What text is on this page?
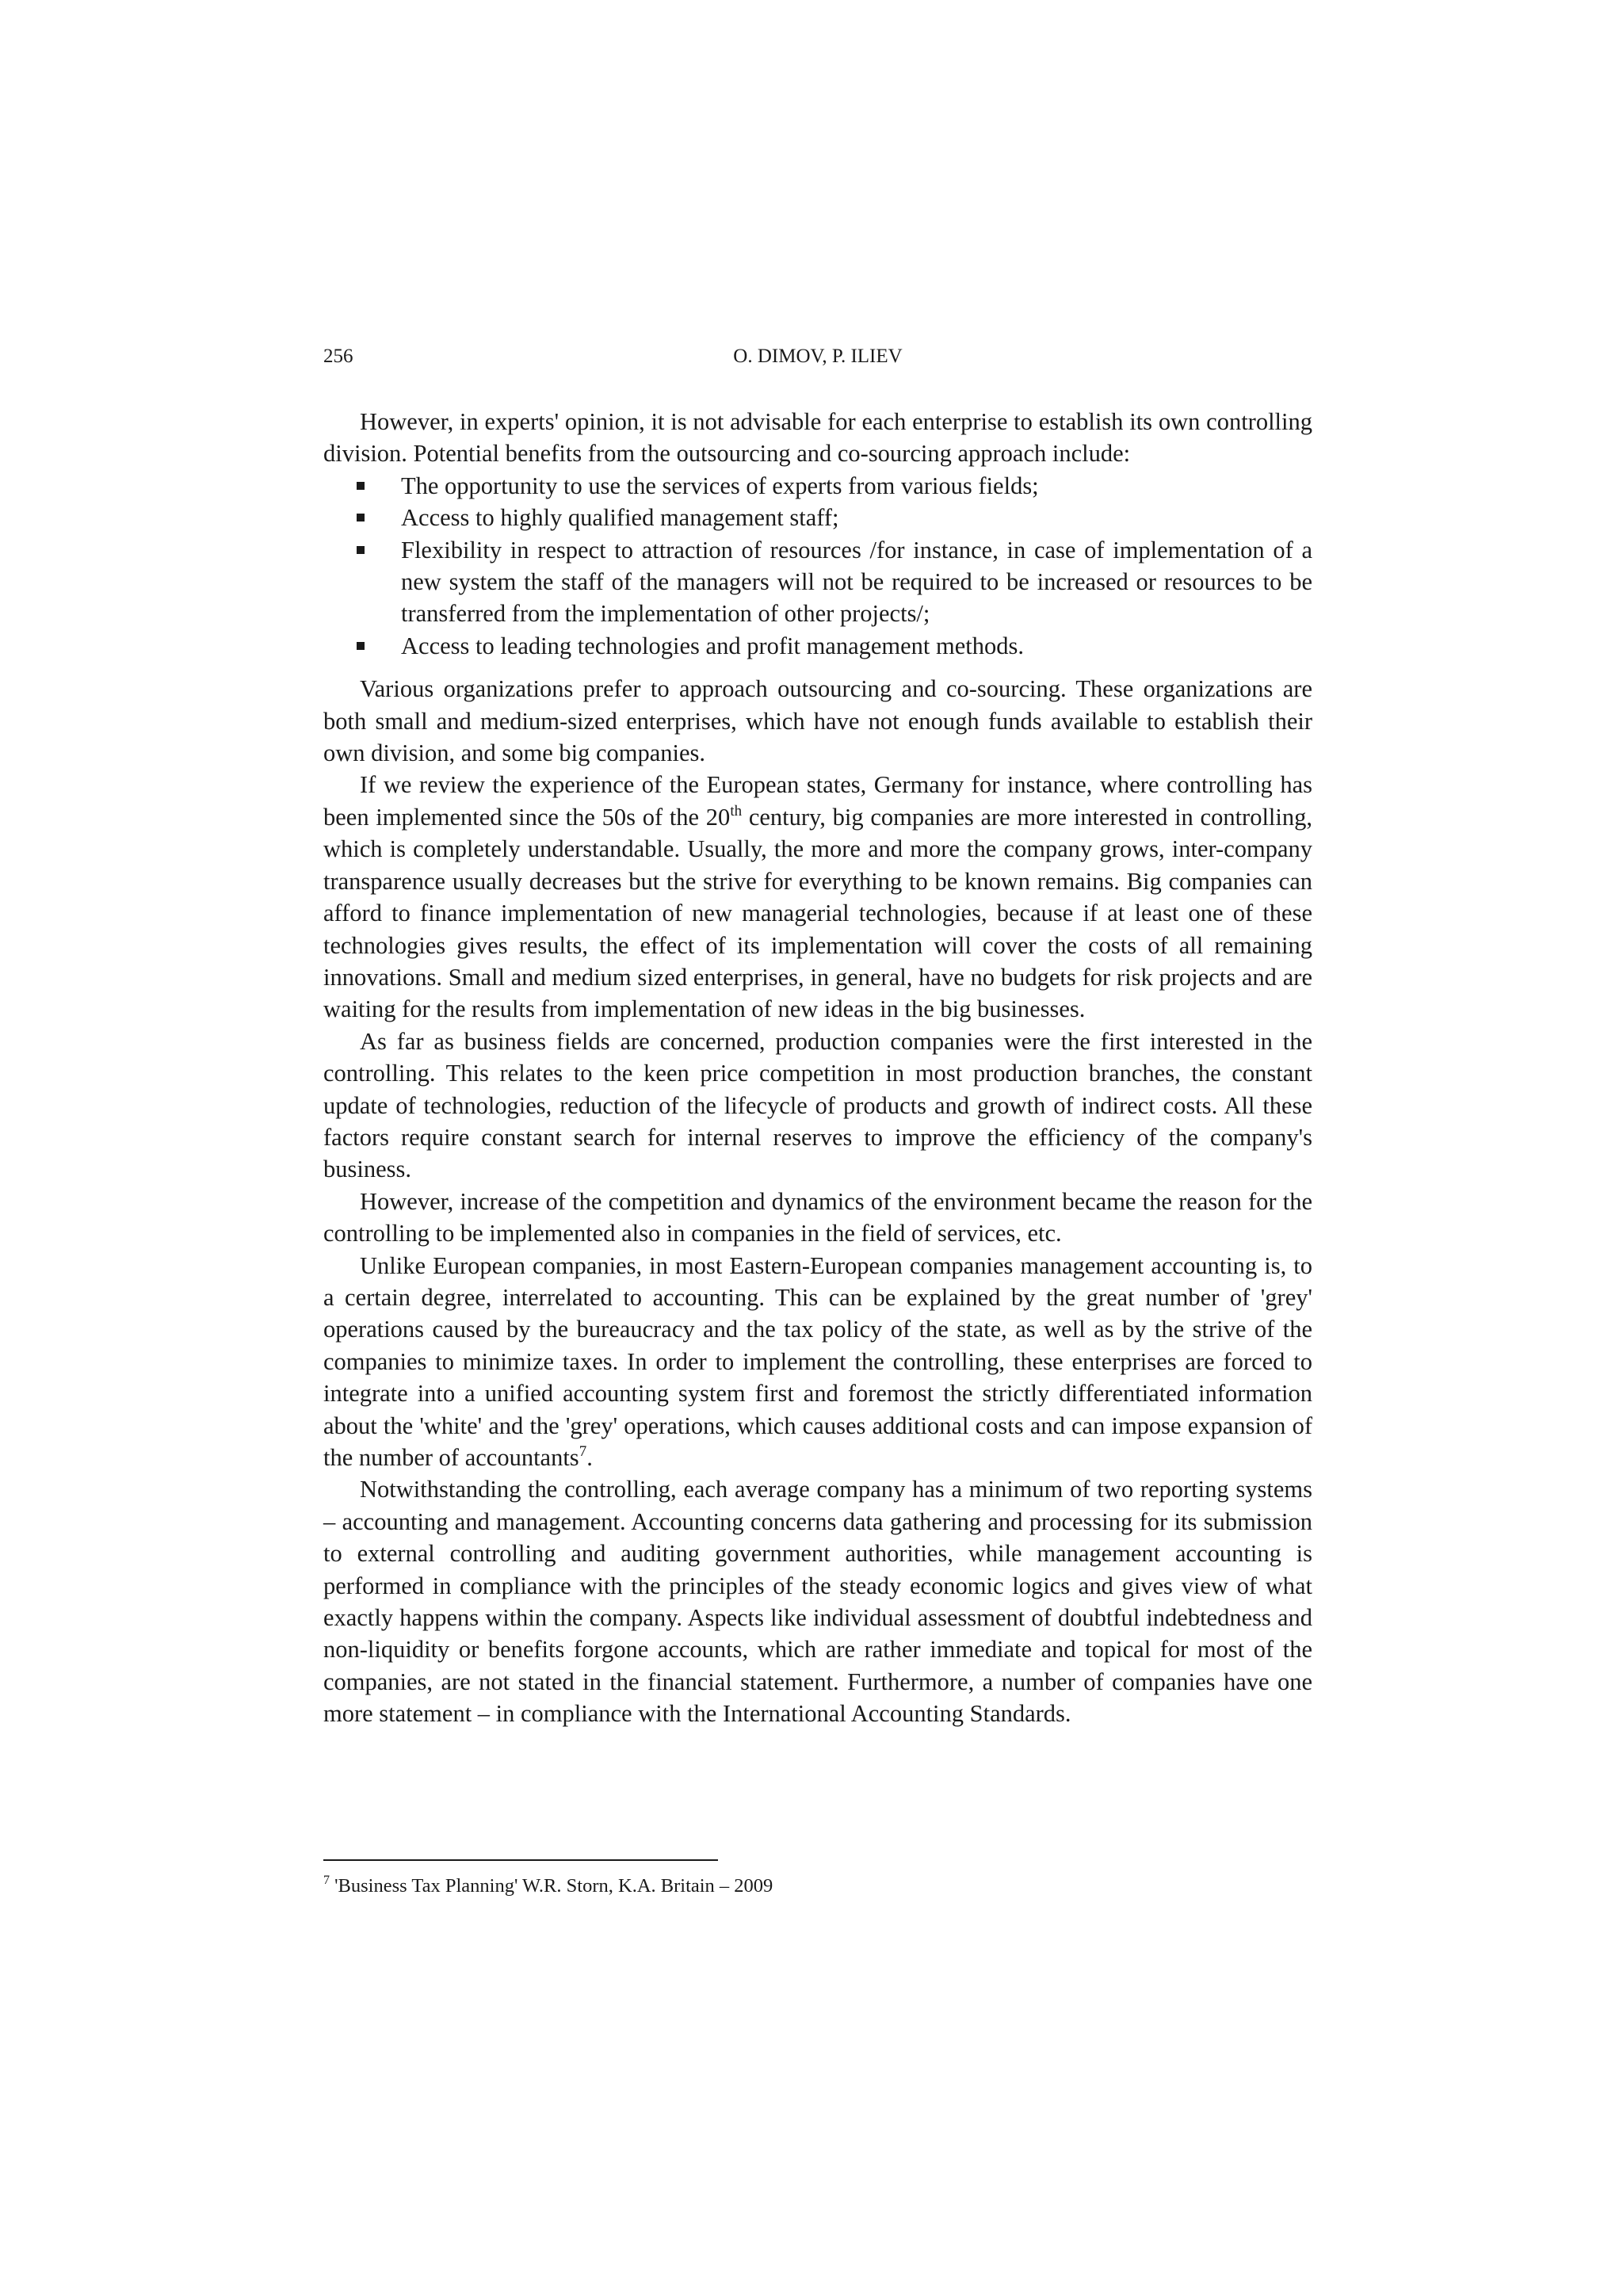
256	O. DIMOV, P. ILIEV

However, in experts' opinion, it is not advisable for each enterprise to establish its own controlling division. Potential benefits from the outsourcing and co-sourcing approach include:

The opportunity to use the services of experts from various fields;
Access to highly qualified management staff;
Flexibility in respect to attraction of resources /for instance, in case of implementation of a new system the staff of the managers will not be required to be increased or resources to be transferred from the implementation of other projects/;
Access to leading technologies and profit management methods.

Various organizations prefer to approach outsourcing and co-sourcing. These organizations are both small and medium-sized enterprises, which have not enough funds available to establish their own division, and some big companies.

If we review the experience of the European states, Germany for instance, where controlling has been implemented since the 50s of the 20th century, big companies are more interested in controlling, which is completely understandable. Usually, the more and more the company grows, inter-company transparence usually decreases but the strive for everything to be known remains. Big companies can afford to finance implementation of new managerial technologies, because if at least one of these technologies gives results, the effect of its implementation will cover the costs of all remaining innovations. Small and medium sized enterprises, in general, have no budgets for risk projects and are waiting for the results from implementation of new ideas in the big businesses.

As far as business fields are concerned, production companies were the first interested in the controlling. This relates to the keen price competition in most production branches, the constant update of technologies, reduction of the lifecycle of products and growth of indirect costs. All these factors require constant search for internal reserves to improve the efficiency of the company's business.

However, increase of the competition and dynamics of the environment became the reason for the controlling to be implemented also in companies in the field of services, etc.

Unlike European companies, in most Eastern-European companies management accounting is, to a certain degree, interrelated to accounting. This can be explained by the great number of 'grey' operations caused by the bureaucracy and the tax policy of the state, as well as by the strive of the companies to minimize taxes. In order to implement the controlling, these enterprises are forced to integrate into a unified accounting system first and foremost the strictly differentiated information about the 'white' and the 'grey' operations, which causes additional costs and can impose expansion of the number of accountants$^7$.

Notwithstanding the controlling, each average company has a minimum of two reporting systems – accounting and management. Accounting concerns data gathering and processing for its submission to external controlling and auditing government authorities, while management accounting is performed in compliance with the principles of the steady economic logics and gives view of what exactly happens within the company. Aspects like individual assessment of doubtful indebtedness and non-liquidity or benefits forgone accounts, which are rather immediate and topical for most of the companies, are not stated in the financial statement. Furthermore, a number of companies have one more statement – in compliance with the International Accounting Standards.

$^7$ 'Business Tax Planning' W.R. Storn, K.A. Britain – 2009
